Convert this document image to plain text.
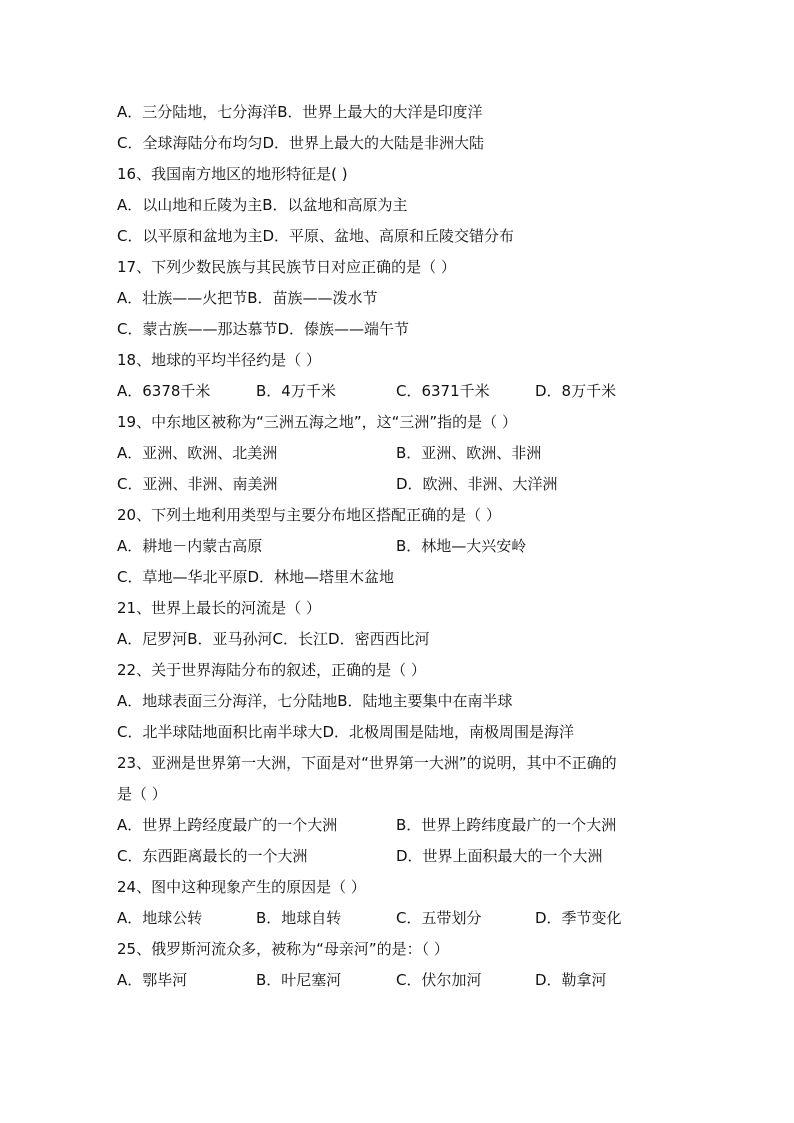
A．三分陆地，七分海洋B．世界上最大的大洋是印度洋
C．全球海陆分布均匀D．世界上最大的大陆是非洲大陆
16、我国南方地区的地形特征是( )
A．以山地和丘陵为主B．以盆地和高原为主
C．以平原和盆地为主D．平原、盆地、高原和丘陵交错分布
17、下列少数民族与其民族节日对应正确的是（ ）
A．壮族——火把节B．苗族——泼水节
C．蒙古族——那达慕节D．傣族——端午节
18、地球的平均半径约是（ ）
A．6378千米	B．4万千米	C．6371千米	D．8万千米
19、中东地区被称为“三洲五海之地”，这“三洲”指的是（ ）
A．亚洲、欧洲、北美洲	B．亚洲、欧洲、非洲
C．亚洲、非洲、南美洲	D．欧洲、非洲、大洋洲
20、下列土地利用类型与主要分布地区搭配正确的是（ ）
A．耕地－内蒙古高原	B．林地—大兴安岭
C．草地—华北平原D．林地—塔里木盆地
21、世界上最长的河流是（ ）
A．尼罗河B．亚马孙河C．长江D．密西西比河
22、关于世界海陆分布的叙述，正确的是（ ）
A．地球表面三分海洋，七分陆地B．陆地主要集中在南半球
C．北半球陆地面积比南半球大D．北极周围是陆地，南极周围是海洋
23、亚洲是世界第一大洲，下面是对“世界第一大洲”的说明，其中不正确的
是（ ）
A．世界上跨经度最广的一个大洲	B．世界上跨纬度最广的一个大洲
C．东西距离最长的一个大洲	D．世界上面积最大的一个大洲
24、图中这种现象产生的原因是（ ）
A．地球公转	B．地球自转	C．五带划分	D．季节变化
25、俄罗斯河流众多，被称为“母亲河”的是：（ ）
A．鄂毕河	B．叶尼塞河	C．伏尔加河	D．勒拿河
